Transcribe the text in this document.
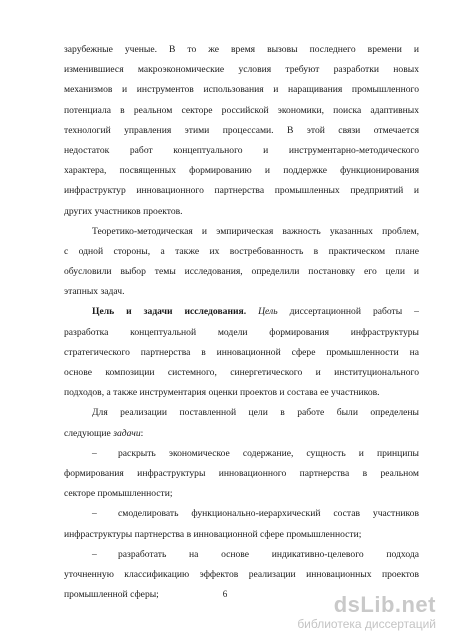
зарубежные ученые. В то же время вызовы последнего времени и
изменившиеся макроэкономические условия требуют разработки новых
механизмов и инструментов использования и наращивания промышленного
потенциала в реальном секторе российской экономики, поиска адаптивных
технологий управления этими процессами. В этой связи отмечается
недостаток работ концептуального и инструментарно-методического
характера, посвященных формированию и поддержке функционирования
инфраструктур инновационного партнерства промышленных предприятий и
других участников проектов.
Теоретико-методическая и эмпирическая важность указанных проблем,
с одной стороны, а также их востребованность в практическом плане
обусловили выбор темы исследования, определили постановку его цели и
этапных задач.
Цель и задачи исследования. Цель диссертационной работы –
разработка концептуальной модели формирования инфраструктуры
стратегического партнерства в инновационной сфере промышленности на
основе композиции системного, синергетического и институционального
подходов, а также инструментария оценки проектов и состава ее участников.
Для реализации поставленной цели в работе были определены
следующие задачи:
– раскрыть экономическое содержание, сущность и принципы
формирования инфраструктуры инновационного партнерства в реальном
секторе промышленности;
– смоделировать функционально-иерархический состав участников
инфраструктуры партнерства в инновационной сфере промышленности;
– разработать на основе индикативно-целевого подхода
уточненную классификацию эффектов реализации инновационных проектов
промышленной сферы;	6	dsLib.net
библиотека диссертаций
